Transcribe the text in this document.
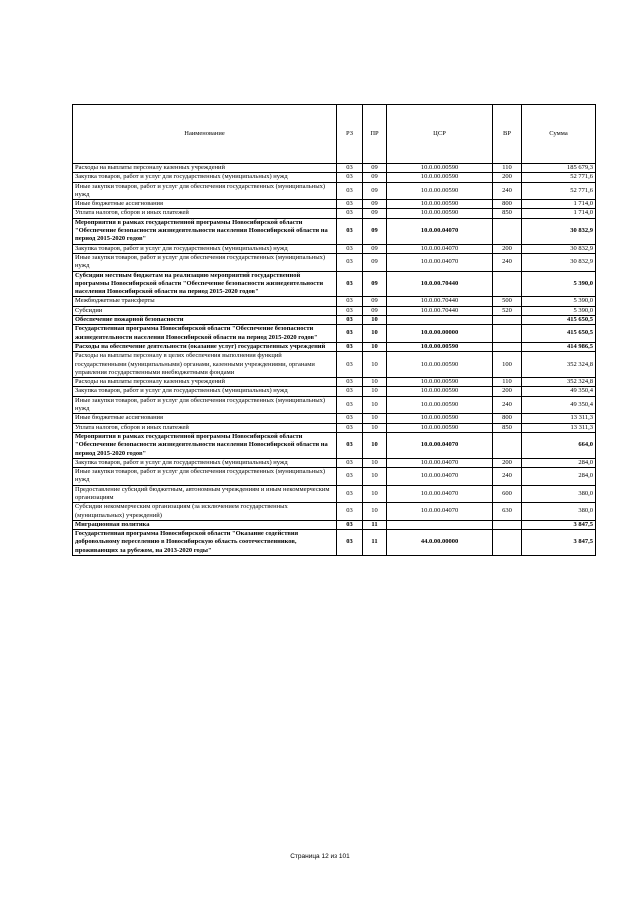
Наименование	РЗ	ПР	ЦСР	ВР	Сумма
Расходы на выплаты персоналу казенных учреждений	03	09	10.0.00.00590	110	185 679,3
Закупка товаров, работ и услуг для государственных (муниципальных) нужд	03	09	10.0.00.00590	200	52 771,6
Иные закупки товаров, работ и услуг для обеспечения государственных (муниципальных) нужд	03	09	10.0.00.00590	240	52 771,6
Иные бюджетные ассигнования	03	09	10.0.00.00590	800	1 714,0
Уплата налогов, сборов и иных платежей	03	09	10.0.00.00590	850	1 714,0
Мероприятия в рамках государственной программы Новосибирской области "Обеспечение безопасности жизнедеятельности населения Новосибирской области на период 2015-2020 годов"	03	09	10.0.00.04070		30 832,9
Закупка товаров, работ и услуг для государственных (муниципальных) нужд	03	09	10.0.00.04070	200	30 832,9
Иные закупки товаров, работ и услуг для обеспечения государственных (муниципальных) нужд	03	09	10.0.00.04070	240	30 832,9
Субсидии местным бюджетам на реализацию мероприятий государственной программы Новосибирской области "Обеспечение безопасности жизнедеятельности населения Новосибирской области на период 2015-2020 годов"	03	09	10.0.00.70440		5 390,0
Межбюджетные трансферты	03	09	10.0.00.70440	500	5 390,0
Субсидии	03	09	10.0.00.70440	520	5 390,0
Обеспечение пожарной безопасности	03	10			415 650,5
Государственная программа Новосибирской области "Обеспечение безопасности жизнедеятельности населения Новосибирской области на период 2015-2020 годов"	03	10	10.0.00.00000		415 650,5
Расходы на обеспечение деятельности (оказание услуг) государственных учреждений	03	10	10.0.00.00590		414 986,5
Расходы на выплаты персоналу в целях обеспечения выполнения функций государственными (муниципальными) органами, казенными учреждениями, органами управления государственными внебюджетными фондами	03	10	10.0.00.00590	100	352 324,8
Расходы на выплаты персоналу казенных учреждений	03	10	10.0.00.00590	110	352 324,8
Закупка товаров, работ и услуг для государственных (муниципальных) нужд	03	10	10.0.00.00590	200	49 350,4
Иные закупки товаров, работ и услуг для обеспечения государственных (муниципальных) нужд	03	10	10.0.00.00590	240	49 350,4
Иные бюджетные ассигнования	03	10	10.0.00.00590	800	13 311,3
Уплата налогов, сборов и иных платежей	03	10	10.0.00.00590	850	13 311,3
Мероприятия в рамках государственной программы Новосибирской области "Обеспечение безопасности жизнедеятельности населения Новосибирской области на период 2015-2020 годов"	03	10	10.0.00.04070		664,0
Закупка товаров, работ и услуг для государственных (муниципальных) нужд	03	10	10.0.00.04070	200	284,0
Иные закупки товаров, работ и услуг для обеспечения государственных (муниципальных) нужд	03	10	10.0.00.04070	240	284,0
Предоставление субсидий бюджетным, автономным учреждениям и иным некоммерческим организациям	03	10	10.0.00.04070	600	380,0
Субсидии некоммерческим организациям (за исключением государственных (муниципальных) учреждений)	03	10	10.0.00.04070	630	380,0
Миграционная политика	03	11			3 847,5
Государственная программа Новосибирской области "Оказание содействия добровольному переселению в Новосибирскую область соотечественников, проживающих за рубежом, на 2013-2020 годы"	03	11	44.0.00.00000		3 847,5
Страница 12 из 101
